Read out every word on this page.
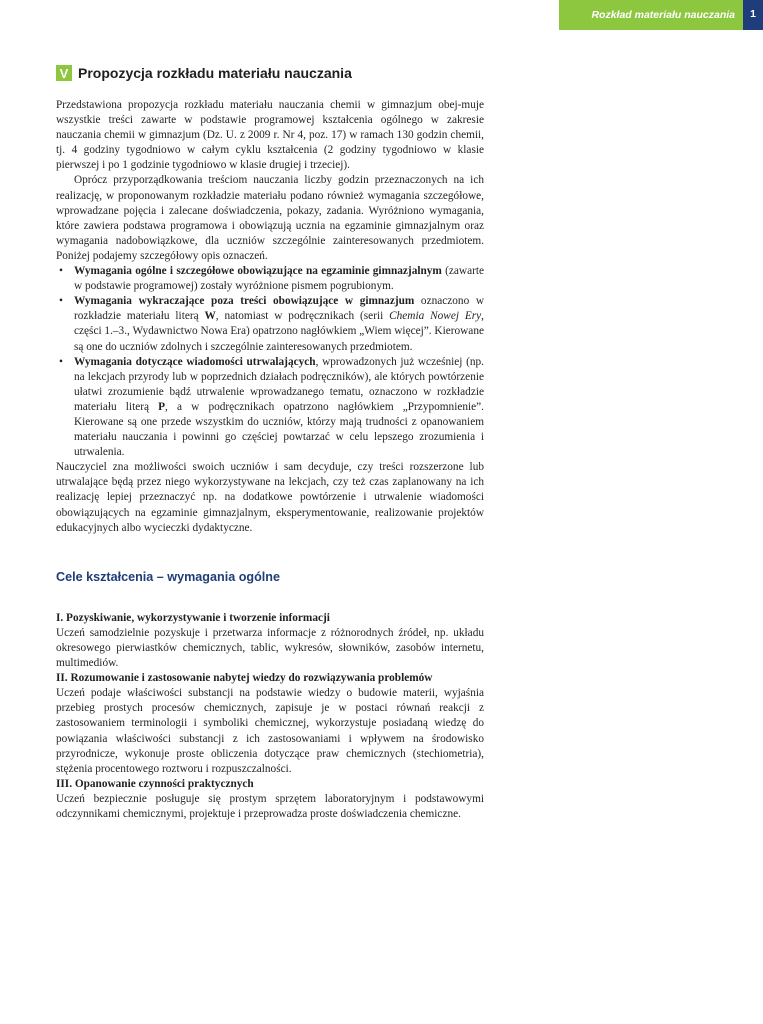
Rozkład materiału nauczania	1
V Propozycja rozkładu materiału nauczania

Przedstawiona propozycja rozkładu materiału nauczania chemii w gimnazjum obej-muje wszystkie treści zawarte w podstawie programowej kształcenia ogólnego w zakresie nauczania chemii w gimnazjum (Dz. U. z 2009 r. Nr 4, poz. 17) w ramach 130 godzin chemii, tj. 4 godziny tygodniowo w całym cyklu kształcenia (2 godziny tygodniowo w klasie pierwszej i po 1 godzinie tygodniowo w klasie drugiej i trzeciej).

Oprócz przyporządkowania treściom nauczania liczby godzin przeznaczonych na ich realizację, w proponowanym rozkładzie materiału podano również wymagania szczegółowe, wprowadzane pojęcia i zalecane doświadczenia, pokazy, zadania. Wyróżniono wymagania, które zawiera podstawa programowa i obowiązują ucznia na egzaminie gimnazjalnym oraz wymagania nadobowiązkowe, dla uczniów szczególnie zainteresowanych przedmiotem. Poniżej podajemy szczegółowy opis oznaczeń.

• Wymagania ogólne i szczegółowe obowiązujące na egzaminie gimnazjalnym (zawarte w podstawie programowej) zostały wyróżnione pismem pogrubionym.
• Wymagania wykraczające poza treści obowiązujące w gimnazjum oznaczono w rozkładzie materiału literą W, natomiast w podręcznikach (serii Chemia Nowej Ery, części 1.–3., Wydawnictwo Nowa Era) opatrzono nagłówkiem „Wiem więcej”. Kierowane są one do uczniów zdolnych i szczególnie zainteresowanych przedmiotem.
• Wymagania dotyczące wiadomości utrwalających, wprowadzonych już wcześniej (np. na lekcjach przyrody lub w poprzednich działach podręczników), ale których powtórzenie ułatwi zrozumienie bądź utrwalenie wprowadzanego tematu, oznaczono w rozkładzie materiału literą P, a w podręcznikach opatrzono nagłówkiem „Przypomnienie”. Kierowane są one przede wszystkim do uczniów, którzy mają trudności z opanowaniem materiału nauczania i powinni go częściej powtarzać w celu lepszego zrozumienia i utrwalenia.

Nauczyciel zna możliwości swoich uczniów i sam decyduje, czy treści rozszerzone lub utrwalające będą przez niego wykorzystywane na lekcjach, czy też czas zaplanowany na ich realizację lepiej przeznaczyć np. na dodatkowe powtórzenie i utrwalenie wiadomości obowiązujących na egzaminie gimnazjalnym, eksperymentowanie, realizowanie projektów edukacyjnych albo wycieczki dydaktyczne.

Cele kształcenia – wymagania ogólne

I. Pozyskiwanie, wykorzystywanie i tworzenie informacji

Uczeń samodzielnie pozyskuje i przetwarza informacje z różnorodnych źródeł, np. układu okresowego pierwiastków chemicznych, tablic, wykresów, słowników, zasobów internetu, multimediów.

II. Rozumowanie i zastosowanie nabytej wiedzy do rozwiązywania problemów

Uczeń podaje właściwości substancji na podstawie wiedzy o budowie materii, wyjaśnia przebieg prostych procesów chemicznych, zapisuje je w postaci równań reakcji z zastosowaniem terminologii i symboliki chemicznej, wykorzystuje posiadaną wiedzę do powiązania właściwości substancji z ich zastosowaniami i wpływem na środowisko przyrodnicze, wykonuje proste obliczenia dotyczące praw chemicznych (stechiometria), stężenia procentowego roztworu i rozpuszczalności.

III. Opanowanie czynności praktycznych

Uczeń bezpiecznie posługuje się prostym sprzętem laboratoryjnym i podstawowymi odczynnikami chemicznymi, projektuje i przeprowadza proste doświadczenia chemiczne.
